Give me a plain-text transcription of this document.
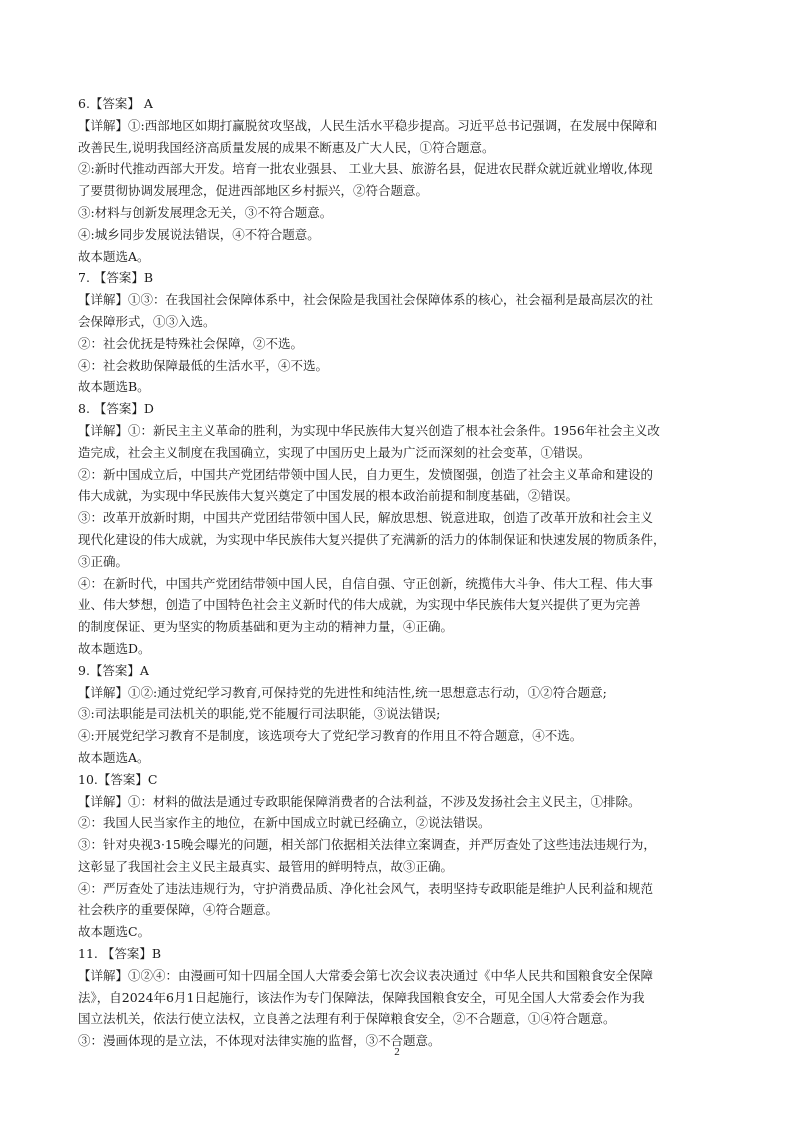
6.【答案】 A
【详解】①:西部地区如期打赢脱贫攻坚战，人民生活水平稳步提高。习近平总书记强调，在发展中保障和
改善民生,说明我国经济高质量发展的成果不断惠及广大人民，①符合题意。
②:新时代推动西部大开发。培育一批农业强县、 工业大县、旅游名县，促进农民群众就近就业增收,体现
了要贯彻协调发展理念，促进西部地区乡村振兴，②符合题意。
③:材料与创新发展理念无关，③不符合题意。
④:城乡同步发展说法错误，④不符合题意。
故本题选A。
7. 【答案】B
【详解】①③：在我国社会保障体系中，社会保险是我国社会保障体系的核心，社会福利是最高层次的社
会保障形式，①③入选。
②：社会优抚是特殊社会保障，②不选。
④：社会救助保障最低的生活水平，④不选。
故本题选B。
8. 【答案】D
【详解】①：新民主主义革命的胜利，为实现中华民族伟大复兴创造了根本社会条件。1956年社会主义改
造完成，社会主义制度在我国确立，实现了中国历史上最为广泛而深刻的社会变革，①错误。
②：新中国成立后，中国共产党团结带领中国人民，自力更生，发愤图强，创造了社会主义革命和建设的
伟大成就，为实现中华民族伟大复兴奠定了中国发展的根本政治前提和制度基础，②错误。
③：改革开放新时期，中国共产党团结带领中国人民，解放思想、锐意进取，创造了改革开放和社会主义
现代化建设的伟大成就，为实现中华民族伟大复兴提供了充满新的活力的体制保证和快速发展的物质条件，
③正确。
④：在新时代，中国共产党团结带领中国人民，自信自强、守正创新，统揽伟大斗争、伟大工程、伟大事
业、伟大梦想，创造了中国特色社会主义新时代的伟大成就，为实现中华民族伟大复兴提供了更为完善
的制度保证、更为坚实的物质基础和更为主动的精神力量，④正确。
故本题选D。
9.【答案】A
【详解】①②:通过党纪学习教育,可保持党的先进性和纯洁性,统一思想意志行动，①②符合题意;
③:司法职能是司法机关的职能,党不能履行司法职能，③说法错误;
④:开展党纪学习教育不是制度，该选项夸大了党纪学习教育的作用且不符合题意，④不选。
故本题选A。
10.【答案】C
【详解】①：材料的做法是通过专政职能保障消费者的合法利益，不涉及发扬社会主义民主，①排除。
②：我国人民当家作主的地位，在新中国成立时就已经确立，②说法错误。
③：针对央视3·15晚会曝光的问题，相关部门依据相关法律立案调查，并严厉查处了这些违法违规行为，
这彰显了我国社会主义民主最真实、最管用的鲜明特点，故③正确。
④：严厉查处了违法违规行为，守护消费品质、净化社会风气，表明坚持专政职能是维护人民利益和规范
社会秩序的重要保障，④符合题意。
故本题选C。
11. 【答案】B
【详解】①②④：由漫画可知十四届全国人大常委会第七次会议表决通过《中华人民共和国粮食安全保障
法》，自2024年6月1日起施行，该法作为专门保障法，保障我国粮食安全，可见全国人大常委会作为我
国立法机关，依法行使立法权，立良善之法理有利于保障粮食安全，②不合题意，①④符合题意。
③：漫画体现的是立法，不体现对法律实施的监督，③不合题意。
2
